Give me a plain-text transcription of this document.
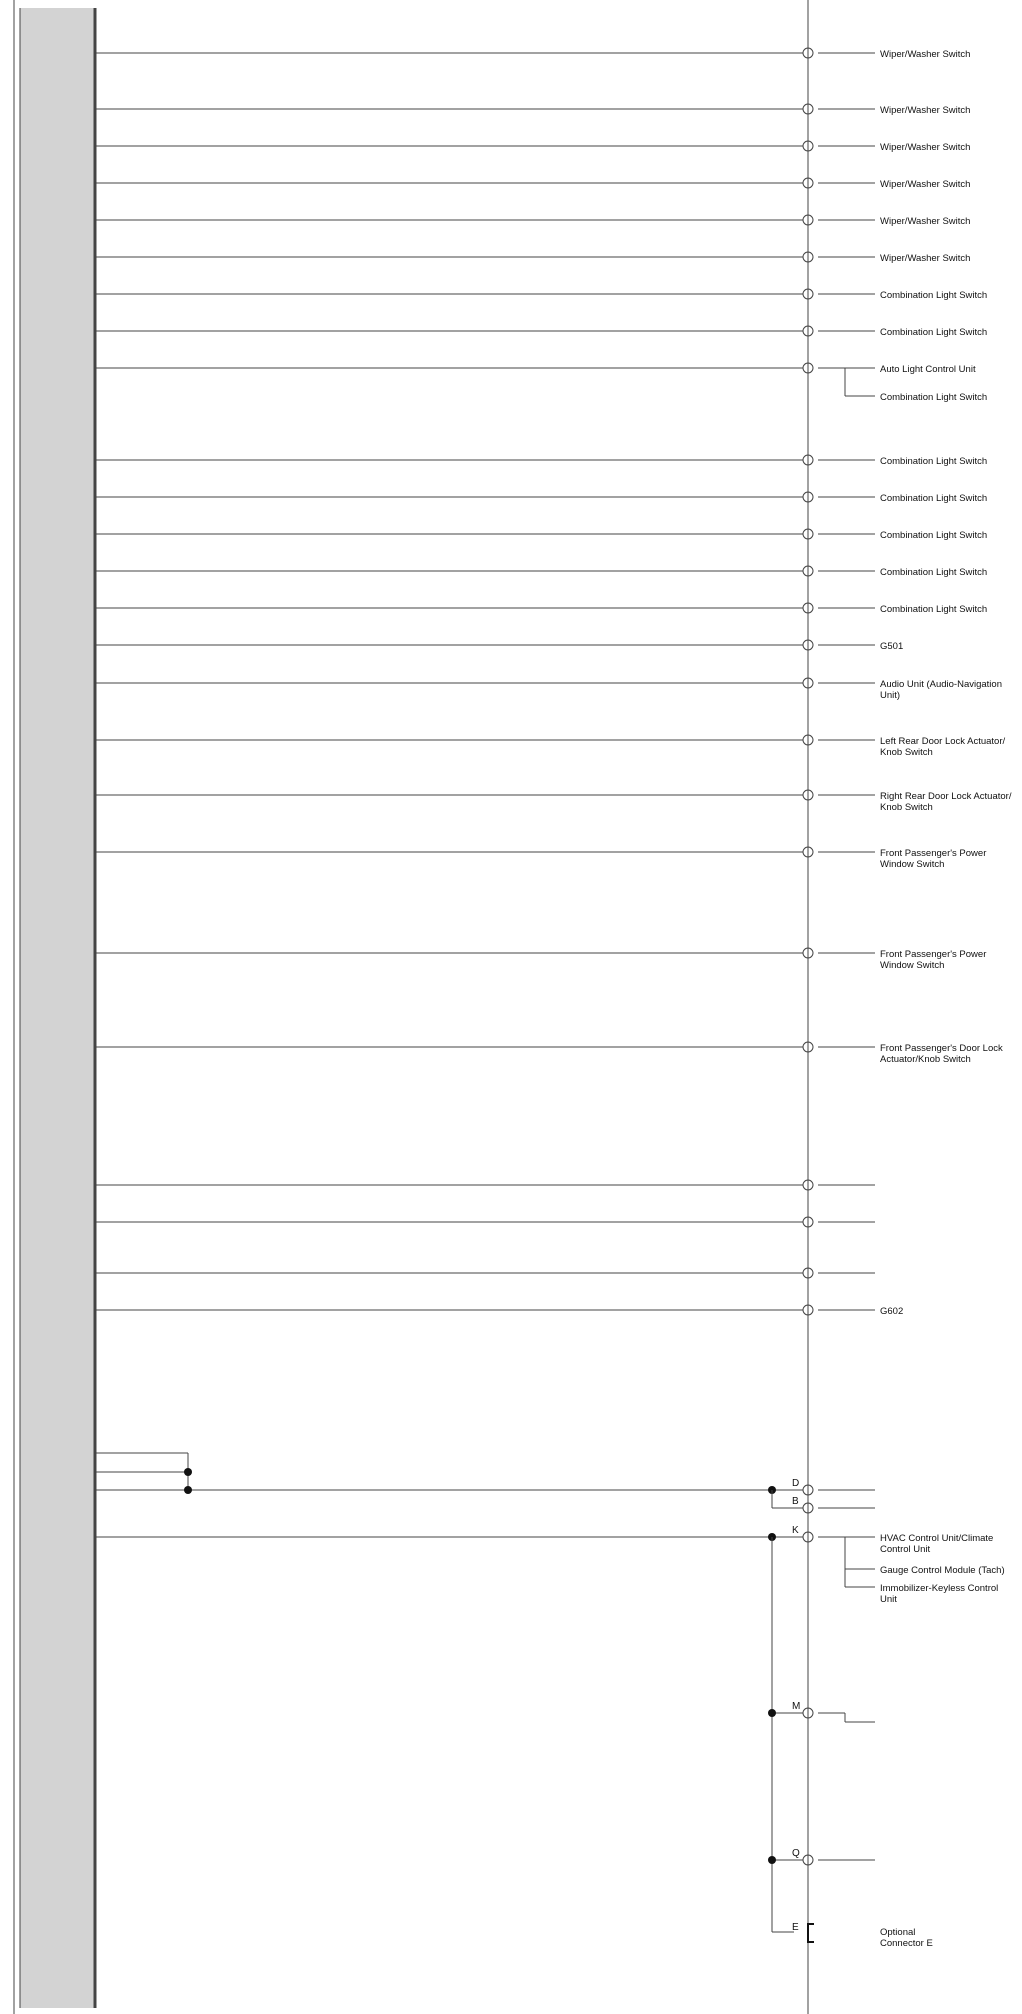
Wiper/Washer Switch
Wiper/Washer Switch
Wiper/Washer Switch
Wiper/Washer Switch
Wiper/Washer Switch
Wiper/Washer Switch
Combination Light Switch
Combination Light Switch
Auto Light Control Unit
Combination Light Switch
Combination Light Switch
Combination Light Switch
Combination Light Switch
Combination Light Switch
Combination Light Switch
G501
Audio Unit (Audio-Navigation Unit)
Left Rear Door Lock Actuator/ Knob Switch
Right Rear Door Lock Actuator/ Knob Switch
Front Passenger's Power Window Switch
Front Passenger's Power Window Switch
Front Passenger's Door Lock Actuator/Knob Switch
G602
D
B
K
HVAC Control Unit/Climate Control Unit
Gauge Control Module (Tach)
Immobilizer-Keyless Control Unit
M
Q
E	Optional Connector E
